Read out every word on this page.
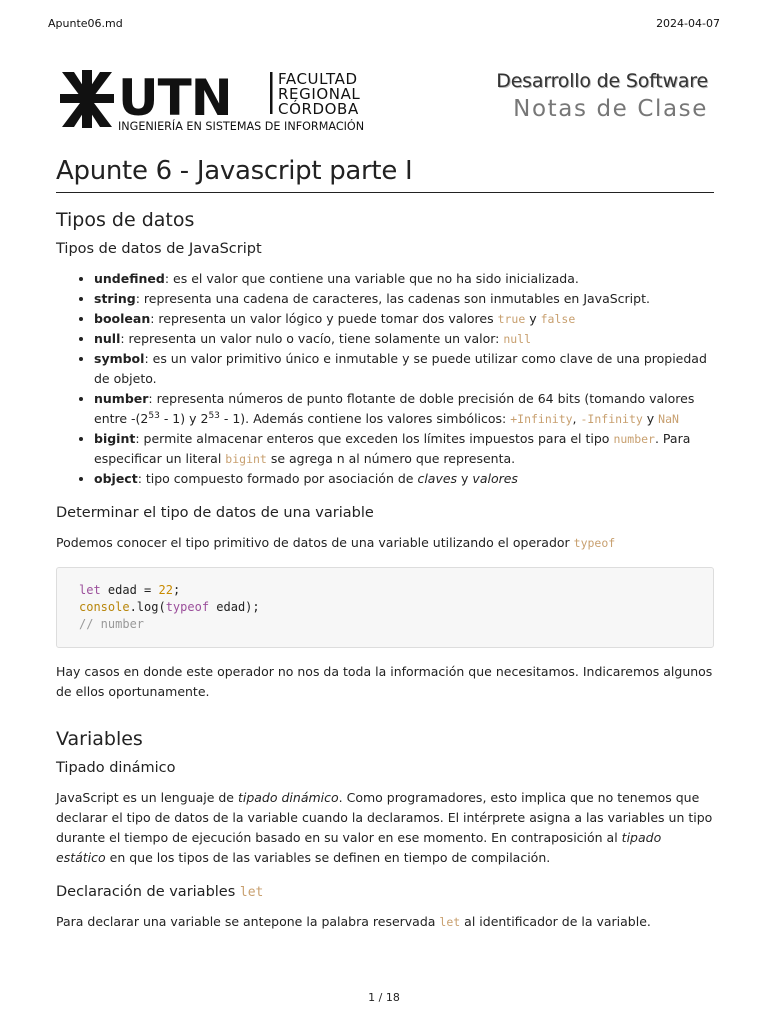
Apunte06.md	2024-04-07
UTN	FACULTAD
REGIONAL
CÓRDOBA
INGENIERÍA EN SISTEMAS DE INFORMACIÓN
Desarrollo de Software
Notas de Clase
Apunte 6 - Javascript parte I
Tipos de datos
Tipos de datos de JavaScript
• undefined: es el valor que contiene una variable que no ha sido inicializada.
• string: representa una cadena de caracteres, las cadenas son inmutables en JavaScript.
• boolean: representa un valor lógico y puede tomar dos valores true y false
• null: representa un valor nulo o vacío, tiene solamente un valor: null
• symbol: es un valor primitivo único e inmutable y se puede utilizar como clave de una propiedad de objeto.
• number: representa números de punto flotante de doble precisión de 64 bits (tomando valores entre $-(2^{53} - 1)$ y $2^{53} - 1$). Además contiene los valores simbólicos: +Infinity, -Infinity y NaN
• bigint: permite almacenar enteros que exceden los límites impuestos para el tipo number. Para especificar un literal bigint se agrega n al número que representa.
• object: tipo compuesto formado por asociación de claves y valores
Determinar el tipo de datos de una variable

Podemos conocer el tipo primitivo de datos de una variable utilizando el operador typeof

let edad = 22;
console.log(typeof edad);
// number

Hay casos en donde este operador no nos da toda la información que necesitamos. Indicaremos algunos de ellos oportunamente.

Variables
Tipado dinámico

JavaScript es un lenguaje de tipado dinámico. Como programadores, esto implica que no tenemos que declarar el tipo de datos de la variable cuando la declaramos. El intérprete asigna a las variables un tipo durante el tiempo de ejecución basado en su valor en ese momento. En contraposición al tipado estático en que los tipos de las variables se definen en tiempo de compilación.

Declaración de variables let

Para declarar una variable se antepone la palabra reservada let al identificador de la variable.

1 / 18
